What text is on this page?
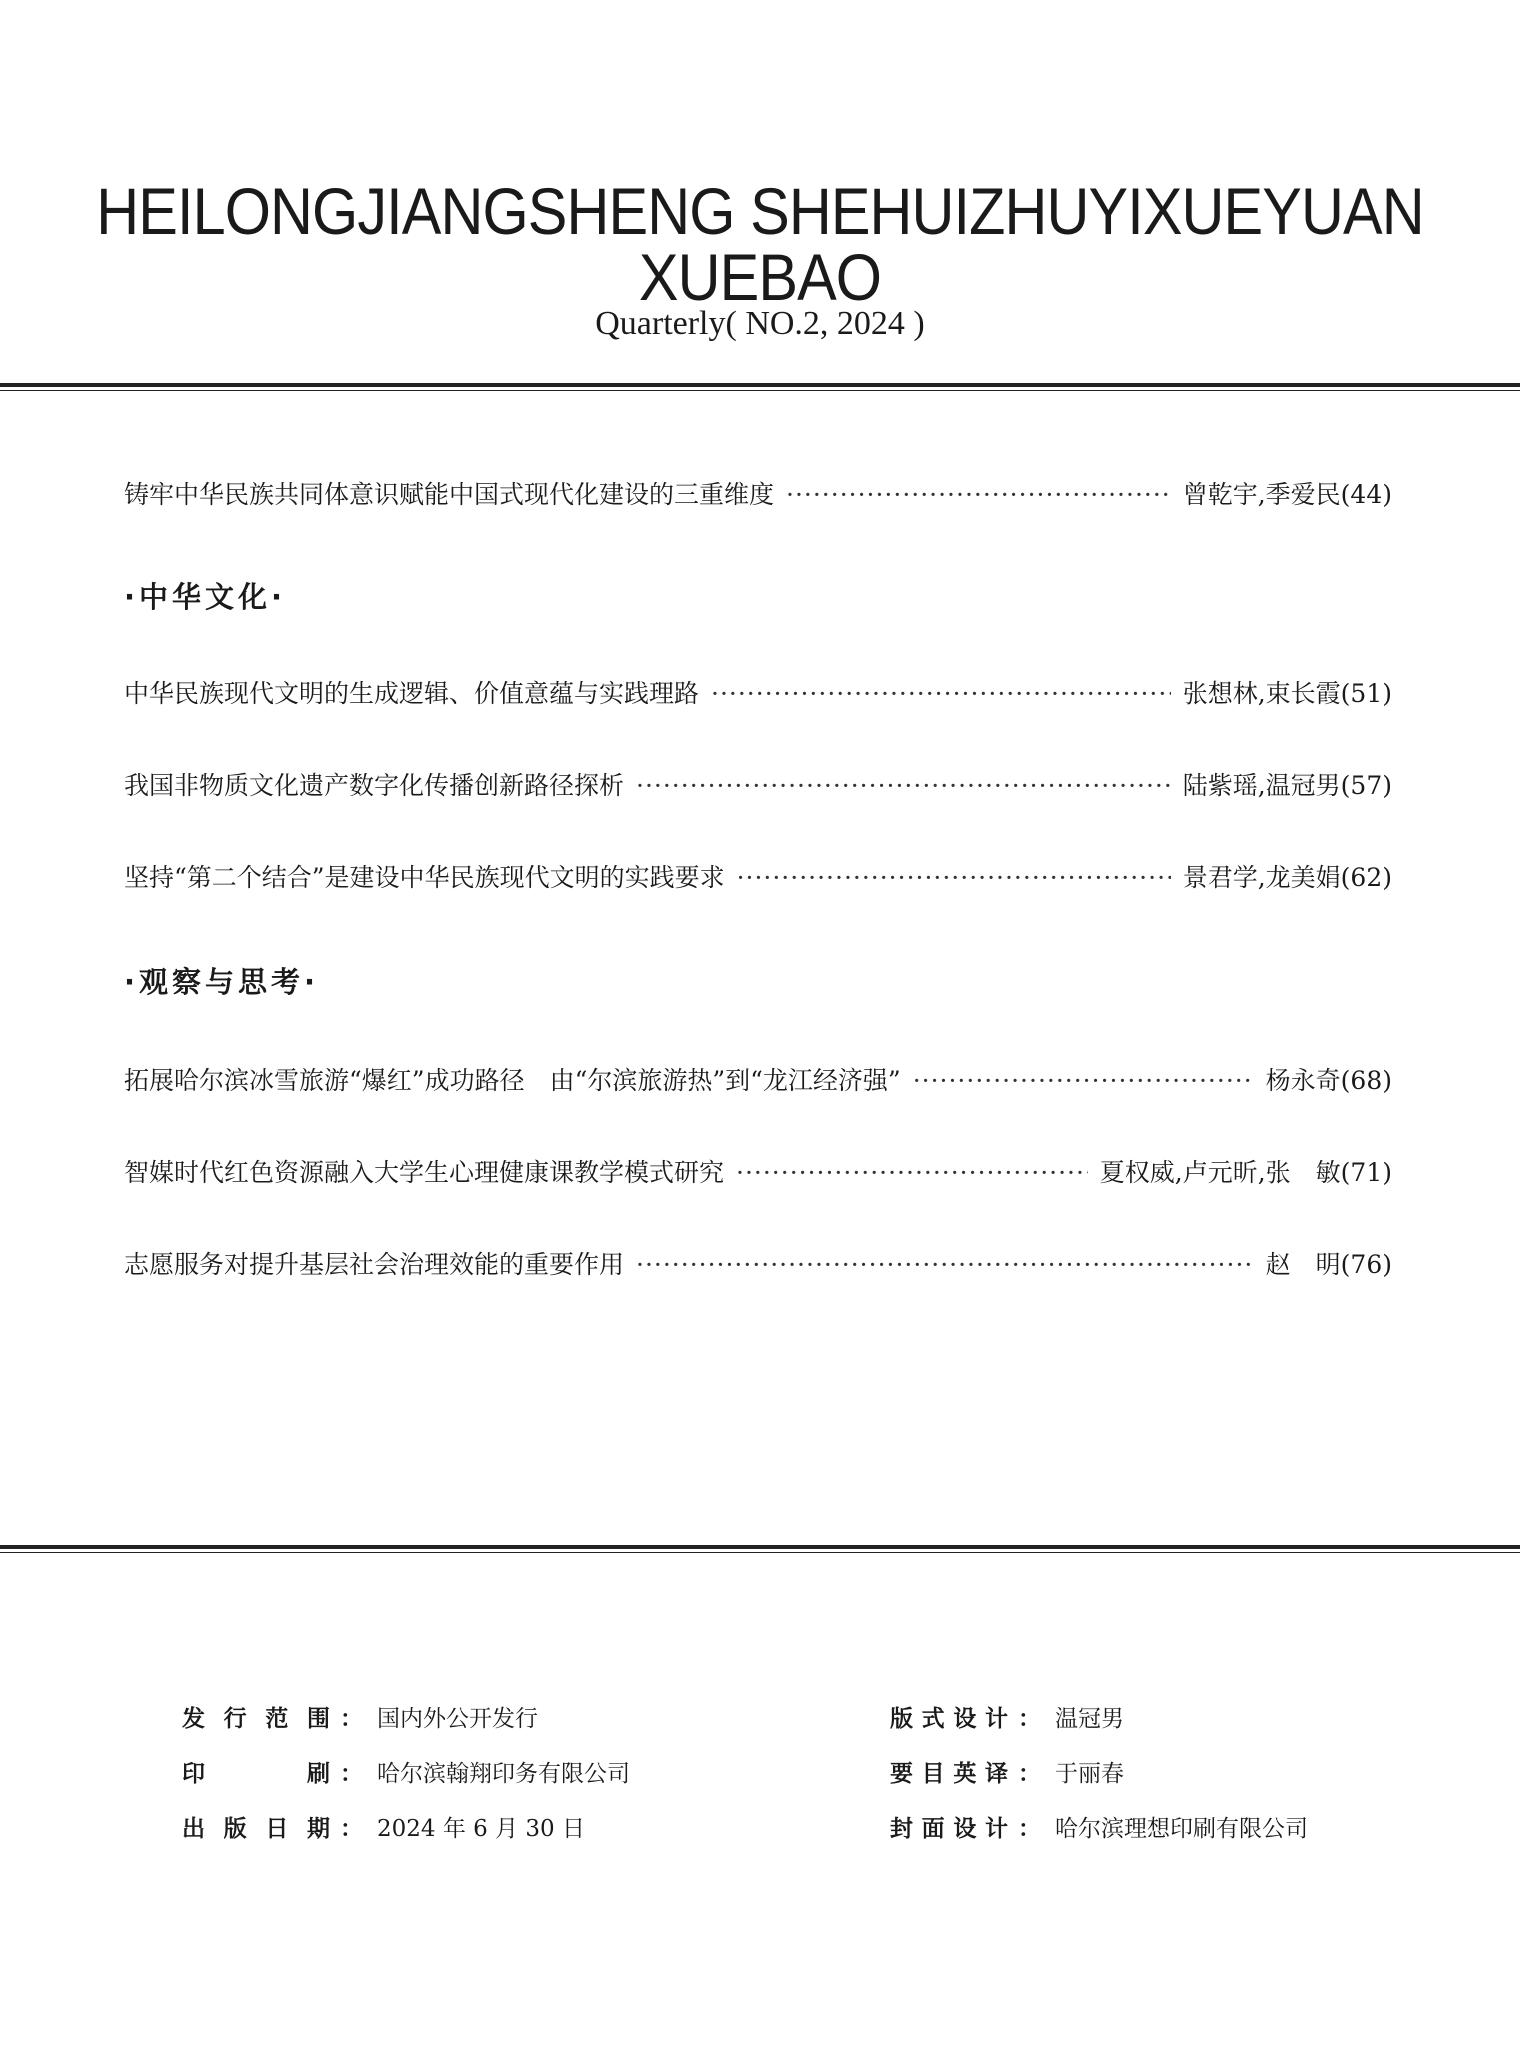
HEILONGJIANGSHENG SHEHUIZHUYIXUEYUAN XUEBAO
Quarterly( NO.2, 2024 )
铸牢中华民族共同体意识赋能中国式现代化建设的三重维度 ·····	曾乾宇,季爱民(44)
·中华文化·
中华民族现代文明的生成逻辑、价值意蕴与实践理路 ·····	张想林,束长霞(51)
我国非物质文化遗产数字化传播创新路径探析 ·····	陆紫瑶,温冠男(57)
坚持“第二个结合”是建设中华民族现代文明的实践要求 ·····	景君学,龙美娟(62)
·观察与思考·
拓展哈尔滨冰雪旅游“爆红”成功路径　由“尔滨旅游热”到“龙江经济强” ·····	杨永奇(68)
智媒时代红色资源融入大学生心理健康课教学模式研究 ·····	夏权威,卢元昕,张　敏(71)
志愿服务对提升基层社会治理效能的重要作用 ·····	赵　明(76)
发行范围 ： 国内外公开发行
印刷 ： 哈尔滨翰翔印务有限公司
出版日期 ： 2024 年 6 月 30 日
版式设计 ： 温冠男
要目英译 ： 于丽春
封面设计 ： 哈尔滨理想印刷有限公司
